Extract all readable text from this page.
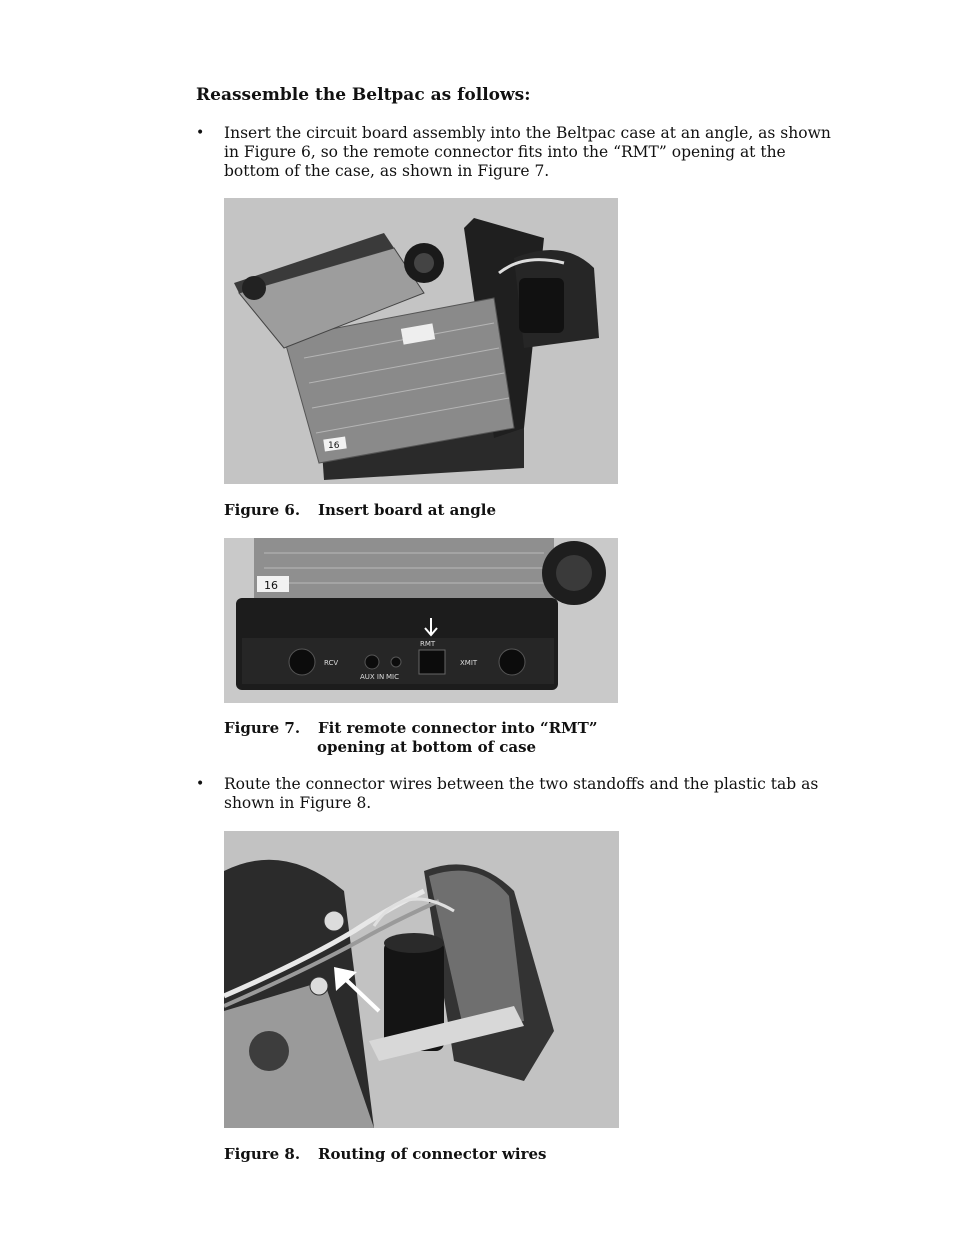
Reassemble the Beltpac as follows:
• Insert the circuit board assembly into the Beltpac case at an angle, as shown in Figure 6, so the remote connector fits into the “RMT” opening at the bottom of the case, as shown in Figure 7.
16
Figure 6. Insert board at angle
16
RCV
AUX IN MIC
RMT
XMIT
Figure 7. Fit remote connector into “RMT”
opening at bottom of case
• Route the connector wires between the two standoffs and the plastic tab as shown in Figure 8.
Figure 8. Routing of connector wires
